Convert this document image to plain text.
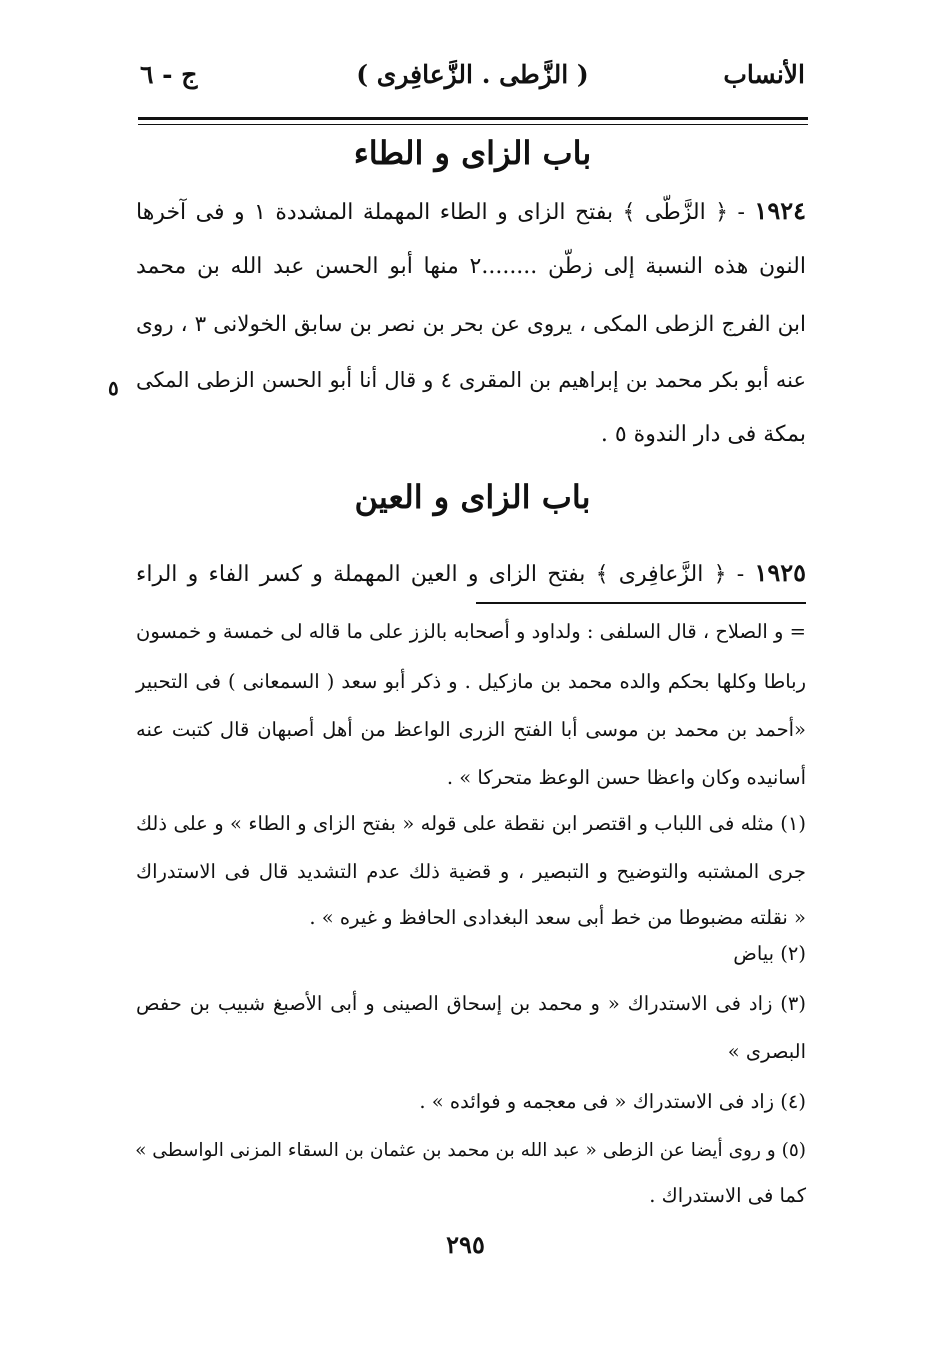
الأنساب
( الزَّطى . الزَّعافِرى )
ج - ٦
باب الزاى و الطاء
١٩٢٤ - ﴿ الزَّطّى ﴾ بفتح الزاى و الطاء المهملة المشددة ١ و فى آخرها
النون هذه النسبة إلى زطّن ........٢ منها أبو الحسن عبد الله بن محمد
ابن الفرج الزطى المكى ، يروى عن بحر بن نصر بن سابق الخولانى ٣ ، روى
عنه أبو بكر محمد بن إبراهيم بن المقرى ٤ و قال أنا أبو الحسن الزطى المكى
بمكة فى دار الندوة ٥ .
٥
باب الزاى و العين
١٩٢٥ - ﴿ الزَّعافِرى ﴾ بفتح الزاى و العين المهملة و كسر الفاء و الراء
= و الصلاح ، قال السلفى : ولداود و أصحابه بالزز على ما قاله لى خمسة و خمسون
رباطا وكلها بحكم والده محمد بن مازكيل . و ذكر أبو سعد ( السمعانى ) فى التحبير
«أحمد بن محمد بن موسى أبا الفتح الزرى الواعظ من أهل أصبهان قال كتبت عنه
أسانيده وكان واعظا حسن الوعظ متحركا » .
(١) مثله فى اللباب و اقتصر ابن نقطة على قوله « بفتح الزاى و الطاء » و على ذلك
جرى المشتبه والتوضيح و التبصير ، و قضية ذلك عدم التشديد قال فى الاستدراك
« نقلته مضبوطا من خط أبى سعد البغدادى الحافظ و غيره » .
(٢) بياض
(٣) زاد فى الاستدراك « و محمد بن إسحاق الصينى و أبى الأصبغ شبيب بن حفص
البصرى »
(٤) زاد فى الاستدراك « فى معجمه و فوائده » .
(٥) و روى أيضا عن الزطى « عبد الله بن محمد بن عثمان بن السقاء المزنى الواسطى »
كما فى الاستدراك .
٢٩٥
